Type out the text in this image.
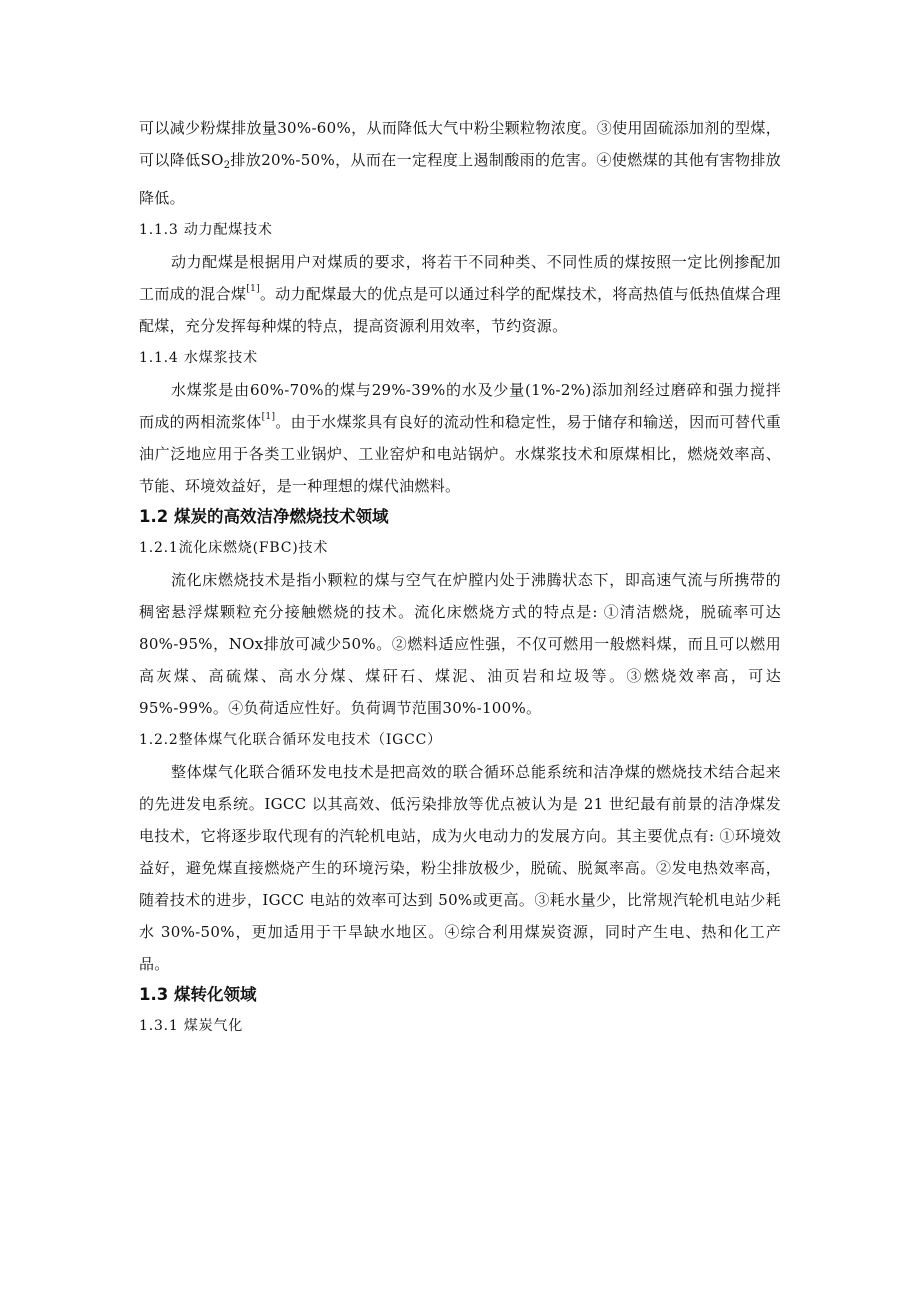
可以减少粉煤排放量30%-60%，从而降低大气中粉尘颗粒物浓度。③使用固硫添加剂的型煤，可以降低$SO_2$排放20%-50%，从而在一定程度上遏制酸雨的危害。④使燃煤的其他有害物排放降低。

1.1.3 动力配煤技术

动力配煤是根据用户对煤质的要求，将若干不同种类、不同性质的煤按照一定比例掺配加工而成的混合煤[1]。动力配煤最大的优点是可以通过科学的配煤技术，将高热值与低热值煤合理配煤，充分发挥每种煤的特点，提高资源利用效率，节约资源。

1.1.4 水煤浆技术

水煤浆是由60%-70%的煤与29%-39%的水及少量(1%-2%)添加剂经过磨碎和强力搅拌而成的两相流浆体[1]。由于水煤浆具有良好的流动性和稳定性，易于储存和输送，因而可替代重油广泛地应用于各类工业锅炉、工业窑炉和电站锅炉。水煤浆技术和原煤相比，燃烧效率高、节能、环境效益好，是一种理想的煤代油燃料。

1.2 煤炭的高效洁净燃烧技术领域
1.2.1流化床燃烧(FBC)技术

流化床燃烧技术是指小颗粒的煤与空气在炉膛内处于沸腾状态下，即高速气流与所携带的稠密悬浮煤颗粒充分接触燃烧的技术。流化床燃烧方式的特点是: ①清洁燃烧，脱硫率可达80%-95%，NOx排放可减少50%。②燃料适应性强，不仅可燃用一般燃料煤，而且可以燃用高灰煤、高硫煤、高水分煤、煤矸石、煤泥、油页岩和垃圾等。③燃烧效率高，可达95%-99%。④负荷适应性好。负荷调节范围30%-100%。

1.2.2整体煤气化联合循环发电技术（IGCC）

整体煤气化联合循环发电技术是把高效的联合循环总能系统和洁净煤的燃烧技术结合起来的先进发电系统。IGCC 以其高效、低污染排放等优点被认为是 21 世纪最有前景的洁净煤发电技术，它将逐步取代现有的汽轮机电站，成为火电动力的发展方向。其主要优点有: ①环境效益好，避免煤直接燃烧产生的环境污染，粉尘排放极少，脱硫、脱氮率高。②发电热效率高，随着技术的进步，IGCC 电站的效率可达到 50%或更高。③耗水量少，比常规汽轮机电站少耗水 30%-50%，更加适用于干旱缺水地区。④综合利用煤炭资源，同时产生电、热和化工产品。

1.3 煤转化领域
1.3.1 煤炭气化
